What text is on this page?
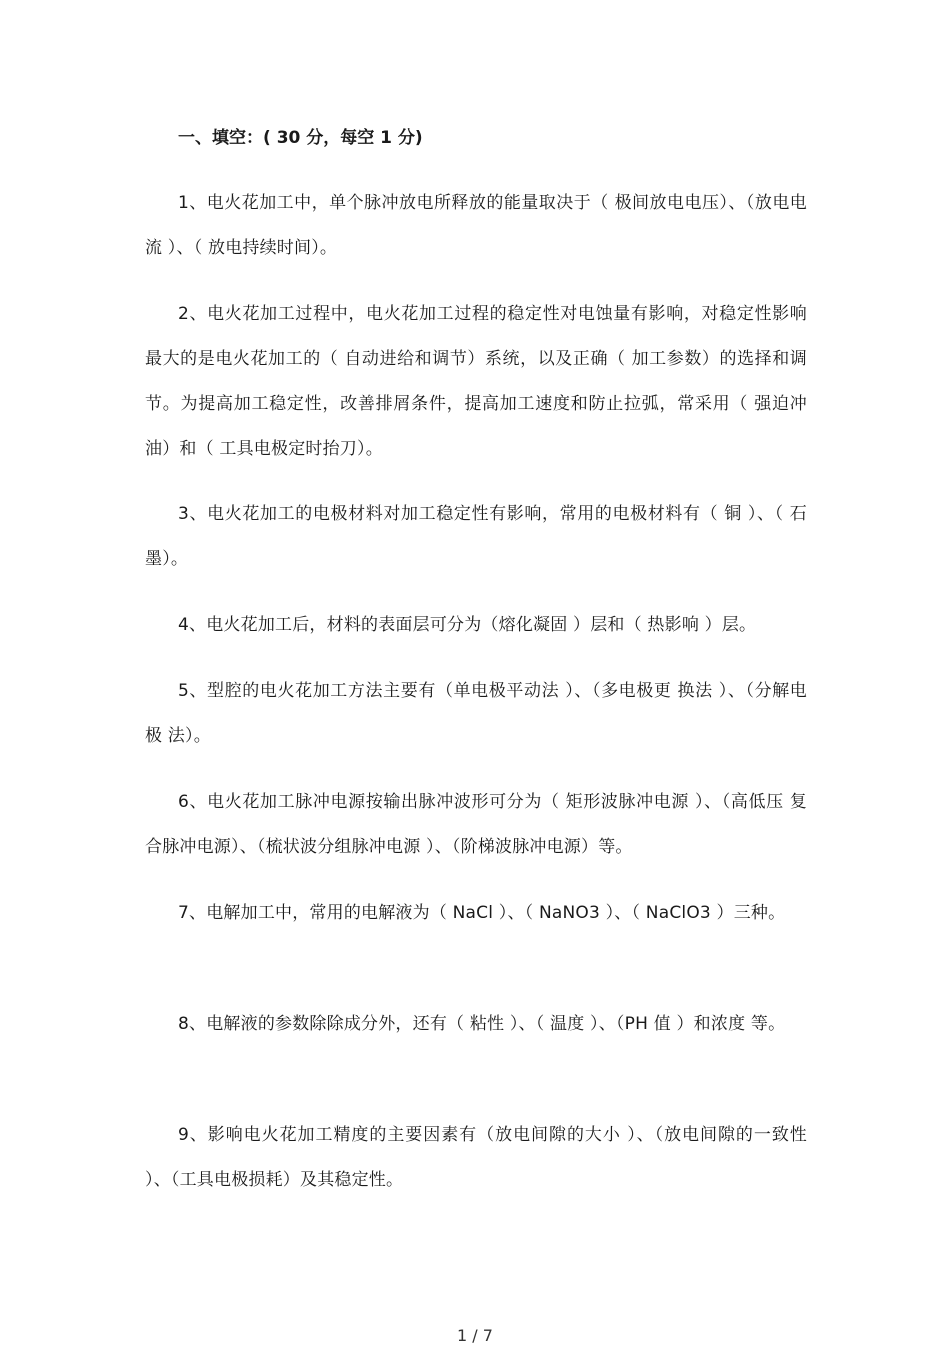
一、填空：( 30 分，每空 1 分)
1、电火花加工中，单个脉冲放电所释放的能量取决于（ 极间放电电压）、（放电电流 ）、（ 放电持续时间）。
2、电火花加工过程中，电火花加工过程的稳定性对电蚀量有影响，对稳定性影响最大的是电火花加工的（ 自动进给和调节）系统，以及正确（ 加工参数）的选择和调节。为提高加工稳定性，改善排屑条件，提高加工速度和防止拉弧，常采用（ 强迫冲油）和（ 工具电极定时抬刀）。
3、电火花加工的电极材料对加工稳定性有影响，常用的电极材料有（ 铜 ）、（ 石墨）。
4、电火花加工后，材料的表面层可分为（熔化凝固 ）层和（ 热影响 ）层。
5、型腔的电火花加工方法主要有（单电极平动法 ）、（多电极更 换法 ）、（分解电极 法）。
6、电火花加工脉冲电源按输出脉冲波形可分为（ 矩形波脉冲电源 ）、（高低压 复合脉冲电源）、（梳状波分组脉冲电源 ）、（阶梯波脉冲电源）等。
7、电解加工中，常用的电解液为（ NaCl ）、（ NaNO3 ）、（ NaClO3 ）三种。
8、电解液的参数除除成分外，还有（ 粘性 ）、（ 温度 ）、（PH 值 ）和浓度 等。
9、影响电火花加工精度的主要因素有（放电间隙的大小 ）、（放电间隙的一致性 ）、（工具电极损耗）及其稳定性。
1 / 7
